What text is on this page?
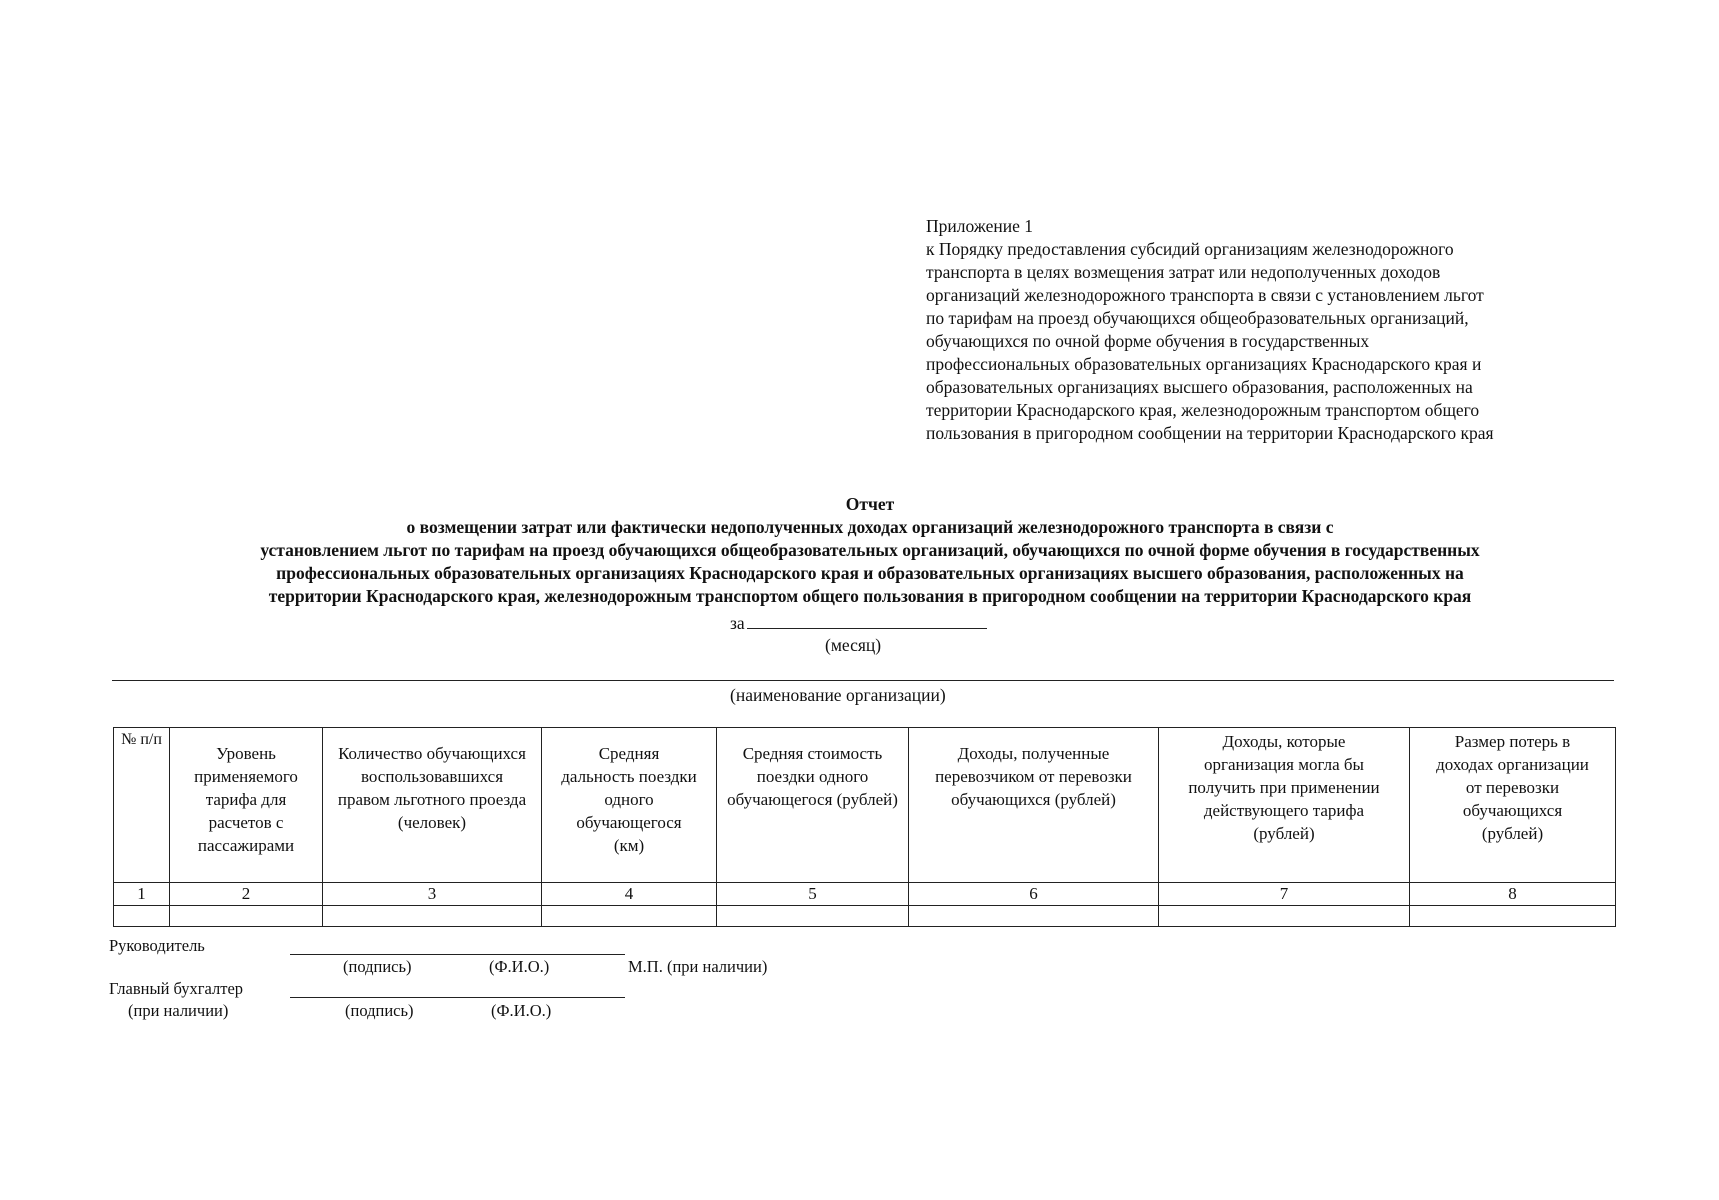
Приложение 1
к Порядку предоставления субсидий организациям железнодорожного
транспорта в целях возмещения затрат или недополученных доходов
организаций железнодорожного транспорта в связи с установлением льгот
по тарифам на проезд обучающихся общеобразовательных организаций,
обучающихся по очной форме обучения в государственных
профессиональных образовательных организациях Краснодарского края и
образовательных организациях высшего образования, расположенных на
территории Краснодарского края, железнодорожным транспортом общего
пользования в пригородном сообщении на территории Краснодарского края
Отчет
о возмещении затрат или фактически недополученных доходах организаций железнодорожного транспорта в связи с
установлением льгот по тарифам на проезд обучающихся общеобразовательных организаций, обучающихся по очной форме обучения в государственных
профессиональных образовательных организациях Краснодарского края и образовательных организациях высшего образования, расположенных на
территории Краснодарского края, железнодорожным транспортом общего пользования в пригородном сообщении на территории Краснодарского края
за
(месяц)
(наименование организации)
№ п/п	Уровень применяемого тарифа для расчетов с пассажирами	Количество обучающихся воспользовавшихся правом льготного проезда (человек)	Средняя дальность поездки одного обучающегося (км)	Средняя стоимость поездки одного обучающегося (рублей)	Доходы, полученные перевозчиком от перевозки обучающихся (рублей)	Доходы, которые организация могла бы получить при применении действующего тарифа (рублей)	Размер потерь в доходах организации от перевозки обучающихся (рублей)
1	2	3	4	5	6	7	8

Руководитель
(подпись)	(Ф.И.О.)	М.П. (при наличии)
Главный бухгалтер
(при наличии)	(подпись)	(Ф.И.О.)
